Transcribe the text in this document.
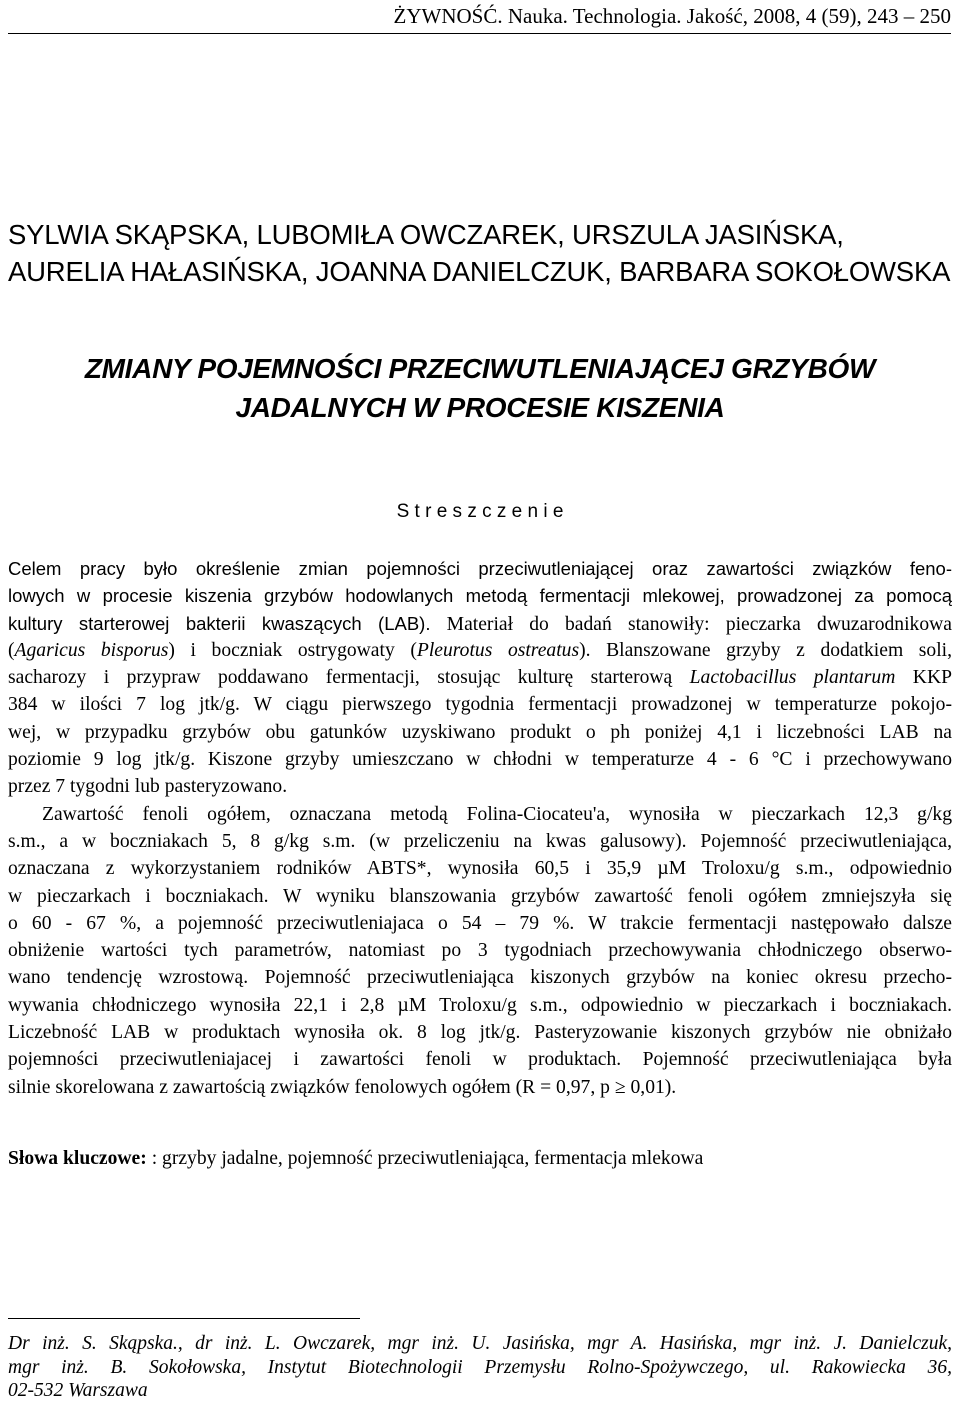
ŻYWNOŚĆ. Nauka. Technologia. Jakość, 2008, 4 (59), 243 – 250
SYLWIA SKĄPSKA, LUBOMIŁA OWCZAREK, URSZULA JASIŃSKA,
AURELIA HAŁASIŃSKA, JOANNA DANIELCZUK, BARBARA SOKOŁOWSKA
ZMIANY POJEMNOŚCI PRZECIWUTLENIAJĄCEJ GRZYBÓW
JADALNYCH W PROCESIE KISZENIA
S t r e s z c z e n i e
Celem pracy było określenie zmian pojemności przeciwutleniającej oraz zawartości związków feno-
lowych w procesie kiszenia grzybów hodowlanych metodą fermentacji mlekowej, prowadzonej za pomocą
kultury starterowej bakterii kwaszących (LAB). Materiał do badań stanowiły: pieczarka dwuzarodnikowa
(Agaricus bisporus) i boczniak ostrygowaty (Pleurotus ostreatus). Blanszowane grzyby z dodatkiem soli,
sacharozy i przypraw poddawano fermentacji, stosując kulturę starterową Lactobacillus plantarum KKP
384 w ilości 7 log jtk/g. W ciągu pierwszego tygodnia fermentacji prowadzonej w temperaturze pokojo-
wej, w przypadku grzybów obu gatunków uzyskiwano produkt o ph poniżej 4,1 i liczebności LAB na
poziomie 9 log jtk/g. Kiszone grzyby umieszczano w chłodni w temperaturze 4 - 6 °C i przechowywano
przez 7 tygodni lub pasteryzowano.
Zawartość fenoli ogółem, oznaczana metodą Folina-Ciocateu'a, wynosiła w pieczarkach 12,3 g/kg
s.m., a w boczniakach 5, 8 g/kg s.m. (w przeliczeniu na kwas galusowy). Pojemność przeciwutleniająca,
oznaczana z wykorzystaniem rodników ABTS*, wynosiła 60,5 i 35,9 µM Troloxu/g s.m., odpowiednio
w pieczarkach i boczniakach. W wyniku blanszowania grzybów zawartość fenoli ogółem zmniejszyła się
o 60 - 67 %, a pojemność przeciwutleniajaca o 54 – 79 %. W trakcie fermentacji następowało dalsze
obniżenie wartości tych parametrów, natomiast po 3 tygodniach przechowywania chłodniczego obserwo-
wano tendencję wzrostową. Pojemność przeciwutleniająca kiszonych grzybów na koniec okresu przecho-
wywania chłodniczego wynosiła 22,1 i 2,8 µM Troloxu/g s.m., odpowiednio w pieczarkach i boczniakach.
Liczebność LAB w produktach wynosiła ok. 8 log jtk/g. Pasteryzowanie kiszonych grzybów nie obniżało
pojemności przeciwutleniajacej i zawartości fenoli w produktach. Pojemność przeciwutleniająca była
silnie skorelowana z zawartością związków fenolowych ogółem (R = 0,97, p ≥ 0,01).
Słowa kluczowe: : grzyby jadalne, pojemność przeciwutleniająca, fermentacja mlekowa
Dr inż. S. Skąpska., dr inż. L. Owczarek, mgr inż. U. Jasińska, mgr A. Hasińska, mgr inż. J. Danielczuk,
mgr inż. B. Sokołowska, Instytut Biotechnologii Przemysłu Rolno-Spożywczego, ul. Rakowiecka 36,
02-532 Warszawa
